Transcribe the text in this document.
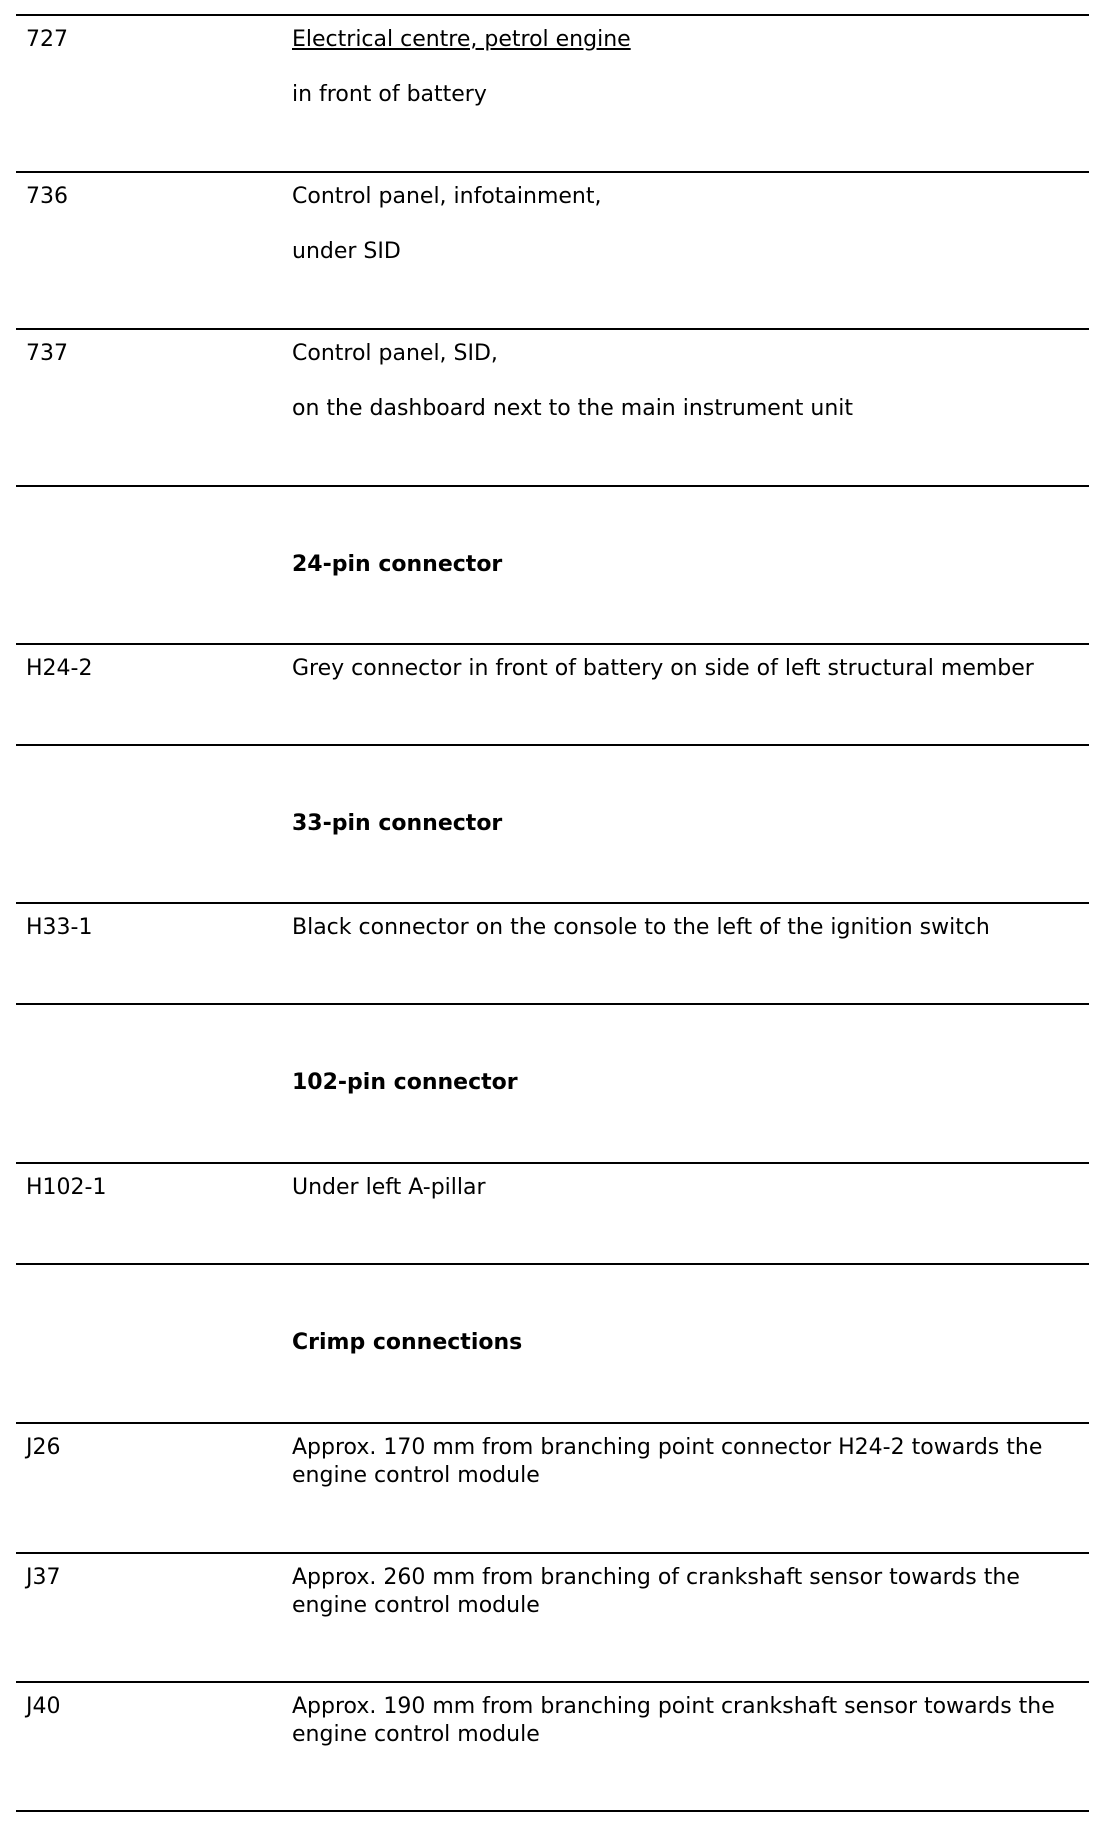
727	Electrical centre, petrol engine
in front of battery
736	Control panel, infotainment,
under SID
737	Control panel, SID,
on the dashboard next to the main instrument unit
24-pin connector
H24-2	Grey connector in front of battery on side of left structural member
33-pin connector
H33-1	Black connector on the console to the left of the ignition switch
102-pin connector
H102-1	Under left A-pillar
Crimp connections
J26	Approx. 170 mm from branching point connector H24-2 towards the engine control module
J37	Approx. 260 mm from branching of crankshaft sensor towards the engine control module
J40	Approx. 190 mm from branching point crankshaft sensor towards the engine control module
